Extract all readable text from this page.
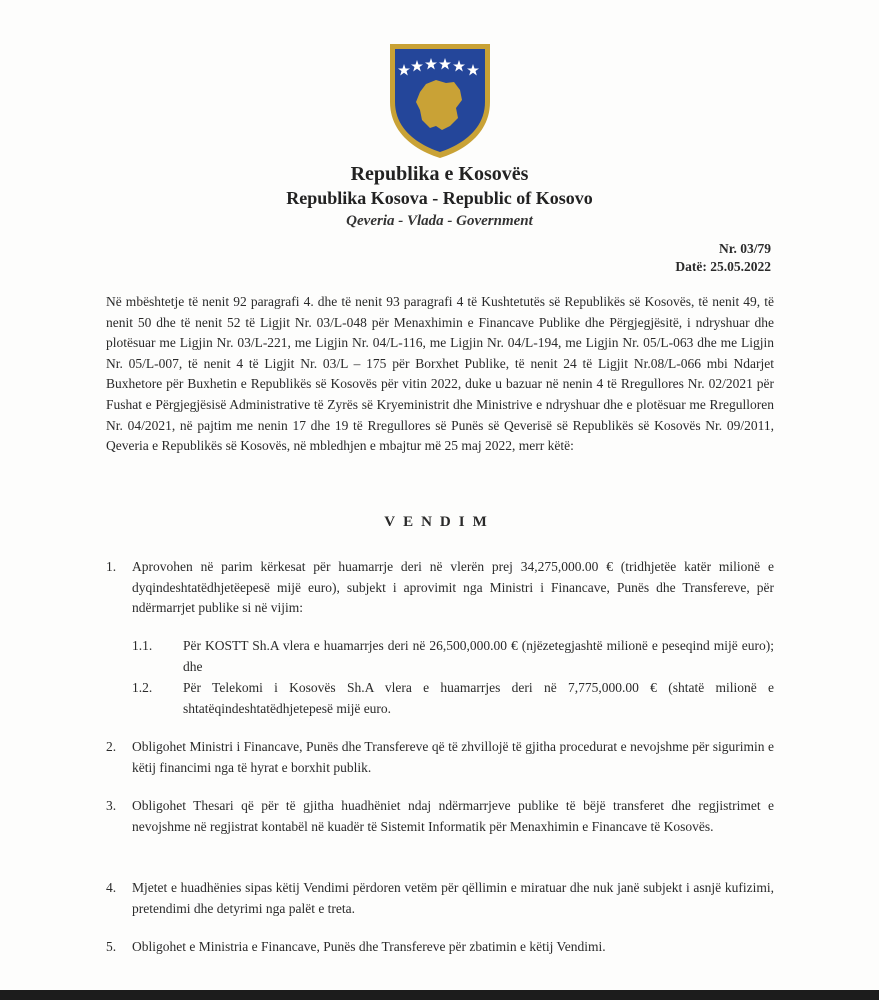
Republika e Kosovës
Republika Kosova - Republic of Kosovo
Qeveria - Vlada - Government
Nr. 03/79
Datë: 25.05.2022
Në mbështetje të nenit 92 paragrafi 4. dhe të nenit 93 paragrafi 4 të Kushtetutës së Republikës së Kosovës, të nenit 49, të nenit 50 dhe të nenit 52 të Ligjit Nr. 03/L-048 për Menaxhimin e Financave Publike dhe Përgjegjësitë, i ndryshuar dhe plotësuar me Ligjin Nr. 03/L-221, me Ligjin Nr. 04/L-116, me Ligjin Nr. 04/L-194, me Ligjin Nr. 05/L-063 dhe me Ligjin Nr. 05/L-007, të nenit 4 të Ligjit Nr. 03/L – 175 për Borxhet Publike, të nenit 24 të Ligjit Nr.08/L-066 mbi Ndarjet Buxhetore për Buxhetin e Republikës së Kosovës për vitin 2022, duke u bazuar në nenin 4 të Rregullores Nr. 02/2021 për Fushat e Përgjegjësisë Administrative të Zyrës së Kryeministrit dhe Ministrive e ndryshuar dhe e plotësuar me Rregulloren Nr. 04/2021, në pajtim me nenin 17 dhe 19 të Rregullores së Punës së Qeverisë së Republikës së Kosovës Nr. 09/2011, Qeveria e Republikës së Kosovës, në mbledhjen e mbajtur më 25 maj 2022, merr këtë:
VENDIM
1. Aprovohen në parim kërkesat për huamarrje deri në vlerën prej 34,275,000.00 € (tridhjetëe katër milionë e dyqindeshtatëdhjetëepesë mijë euro), subjekt i aprovimit nga Ministri i Financave, Punës dhe Transfereve, për ndërmarrjet publike si në vijim:
1.1. Për KOSTT Sh.A vlera e huamarrjes deri në 26,500,000.00 € (njëzetegjashtë milionë e peseqind mijë euro); dhe
1.2. Për Telekomi i Kosovës Sh.A vlera e huamarrjes deri në 7,775,000.00 € (shtatë milionë e shtatëqindeshtatëdhjetepesë mijë euro.
2. Obligohet Ministri i Financave, Punës dhe Transfereve që të zhvillojë të gjitha procedurat e nevojshme për sigurimin e këtij financimi nga të hyrat e borxhit publik.
3. Obligohet Thesari që për të gjitha huadhëniet ndaj ndërmarrjeve publike të bëjë transferet dhe regjistrimet e nevojshme në regjistrat kontabël në kuadër të Sistemit Informatik për Menaxhimin e Financave të Kosovës.
4. Mjetet e huadhënies sipas këtij Vendimi përdoren vetëm për qëllimin e miratuar dhe nuk janë subjekt i asnjë kufizimi, pretendimi dhe detyrimi nga palët e treta.
5. Obligohet e Ministria e Financave, Punës dhe Transfereve për zbatimin e këtij Vendimi.
